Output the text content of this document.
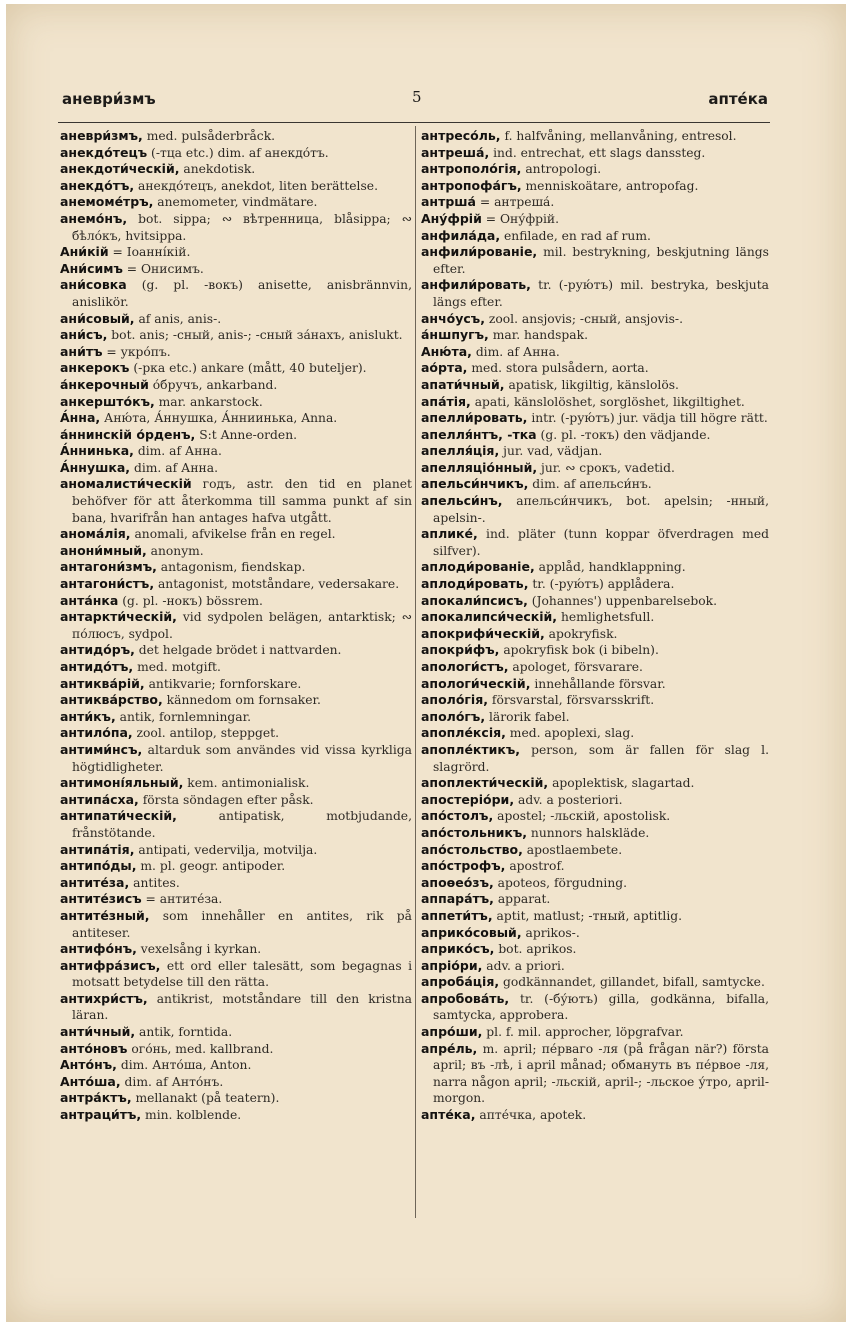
аневри́змъ	5	апте́ка

аневри́змъ, med. pulsåderbråck.

анекдо́тецъ (-тца etc.) dim. af анекдо́тъ.

анекдоти́ческій, anekdotisk.

анекдо́тъ, анекдо́тецъ, anekdot, liten berättelse.

анемоме́тръ, anemometer, vindmätare.

анемо́нъ, bot. sippa; ∾ вѣтренница, blåsippa; ∾ бѣло́къ, hvitsippa.

Ани́кій = Іоанні́кій.

Ани́симъ = Онисимъ.

ани́совка (g. pl. -вокъ) anisette, anisbrännvin, anislikör.

ани́совый, af anis, anis-.

ани́съ, bot. anis; -сный, anis-; -сный за́нахъ, anislukt.

ани́тъ = укро́пъ.

анкерокъ (-рка etc.) ankare (mått, 40 buteljer).

а́нкерочный о́бручъ, ankarband.

анкершто́къ, mar. ankarstock.

А́нна, Аню́та, А́ннушка, А́нниинька, Anna.

а́ннинскій о́рденъ, S:t Anne-orden.

А́ннинька, dim. af Анна.

А́ннушка, dim. af Анна.

аномалисти́ческій годъ, astr. den tid en planet behöfver för att återkomma till samma punkt af sin bana, hvarifrån han antages hafva utgått.

анома́лія, anomali, afvikelse från en regel.

анони́мный, anonym.

антагони́змъ, antagonism, fiendskap.

антагони́стъ, antagonist, motståndare, vedersakare.

анта́нка (g. pl. -нокъ) bössrem.

антаркти́ческій, vid sydpolen belägen, antarktisk; ∾ по́люсъ, sydpol.

антидо́ръ, det helgade brödet i nattvarden.

антидо́тъ, med. motgift.

антиква́рій, antikvarie; fornforskare.

антиква́рство, kännedom om fornsaker.

анти́къ, antik, fornlemningar.

антило́па, zool. antilop, steppget.

антими́нсъ, altarduk som användes vid vissa kyrkliga högtidligheter.

антимоні́яльный, kem. antimonialisk.

антипа́сха, första söndagen efter påsk.

антипати́ческій, antipatisk, motbjudande, frånstötande.

антипа́тія, antipati, vedervilja, motvilja.

антипо́ды, m. pl. geogr. antipoder.

антите́за, antites.

антите́зисъ = антите́за.

антите́зный, som innehåller en antites, rik på antiteser.

антифо́нъ, vexelsång i kyrkan.

антифра́зисъ, ett ord eller talesätt, som begagnas i motsatt betydelse till den rätta.

антихри́стъ, antikrist, motståndare till den kristna läran.

анти́чный, antik, forntida.

анто́новъ ого́нь, med. kallbrand.

Анто́нъ, dim. Анто́ша, Anton.

Анто́ша, dim. af Анто́нъ.

антра́ктъ, mellanakt (på teatern).

антраци́тъ, min. kolblende.

антресо́ль, f. halfvåning, mellanvåning, entresol.

антреша́, ind. entrechat, ett slags danssteg.

антрополо́гія, antropologi.

антропофа́гъ, menniskoätare, antropofag.

антрша́ = антреша́.

Ану́фрій = Ону́фрій.

анфила́да, enfilade, en rad af rum.

анфили́рованіе, mil. bestrykning, beskjutning längs efter.

анфили́ровать, tr. (-рую́тъ) mil. bestryka, beskjuta längs efter.

анчо́усъ, zool. ansjovis; -сный, ansjovis-.

а́ншпугъ, mar. handspak.

Аню́та, dim. af Анна.

ао́рта, med. stora pulsådern, aorta.

апати́чный, apatisk, likgiltig, känslolös.

апа́тія, apati, känslolöshet, sorglöshet, likgiltighet.

апелли́ровать, intr. (-рую́тъ) jur. vädja till högre rätt.

апелля́нтъ, -тка (g. pl. -токъ) den vädjande.

апелля́ція, jur. vad, vädjan.

апелляціо́нный, jur. ∾ срокъ, vadetid.

апельси́нчикъ, dim. af апельси́нъ.

апельси́нъ, апельси́нчикъ, bot. apelsin; -нный, apelsin-.

аплике́, ind. pläter (tunn koppar öfverdragen med silfver).

аплоди́рованіе, applåd, handklappning.

аплоди́ровать, tr. (-рую́тъ) applådera.

апокали́псисъ, (Johannes') uppenbarelsebok.

апокалипси́ческій, hemlighetsfull.

апокрифи́ческій, apokryfisk.

апокри́фъ, apokryfisk bok (i bibeln).

апологи́стъ, apologet, försvarare.

апологи́ческій, innehållande försvar.

аполо́гія, försvarstal, försvarsskrift.

аполо́гъ, lärorik fabel.

апопле́ксія, med. apoplexi, slag.

апопле́ктикъ, person, som är fallen för slag l. slagrörd.

апоплекти́ческій, apoplektisk, slagartad.

апостеріо́ри, adv. a posteriori.

апо́столъ, apostel; -льскій, apostolisk.

апо́стольникъ, nunnors halskläde.

апо́стольство, apostlaembete.

апо́строфъ, apostrof.

апоѳео́зъ, apoteos, förgudning.

аппара́тъ, apparat.

аппети́тъ, aptit, matlust; -тный, aptitlig.

априко́совый, aprikos-.

априко́съ, bot. aprikos.

апріо́ри, adv. a priori.

апроба́ція, godkännandet, gillandet, bifall, samtycke.

апробова́ть, tr. (-бу́ютъ) gilla, godkänna, bifalla, samtycka, approbera.

апро́ши, pl. f. mil. approcher, löpgrafvar.

апре́ль, m. april; пе́рваго -ля (på frågan när?) första april; въ -лѣ, i april månad; обмануть въ пе́рвое -ля, narra någon april; -льскій, april-; -льское у́тро, april-morgon.

апте́ка, апте́чка, apotek.
